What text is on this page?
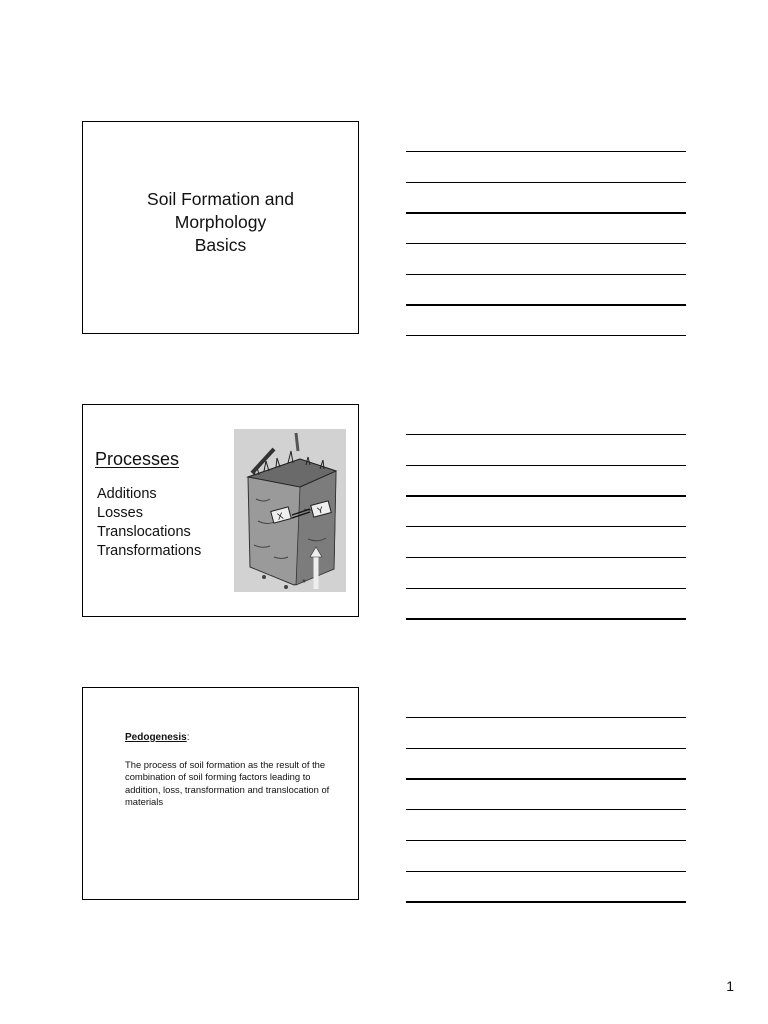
Soil Formation and
Morphology
Basics
Processes
Additions
Losses
Translocations
Transformations
X
Y
Pedogenesis:

The process of soil formation as the result of the combination of soil forming factors leading to addition, loss, transformation and translocation of materials

1
